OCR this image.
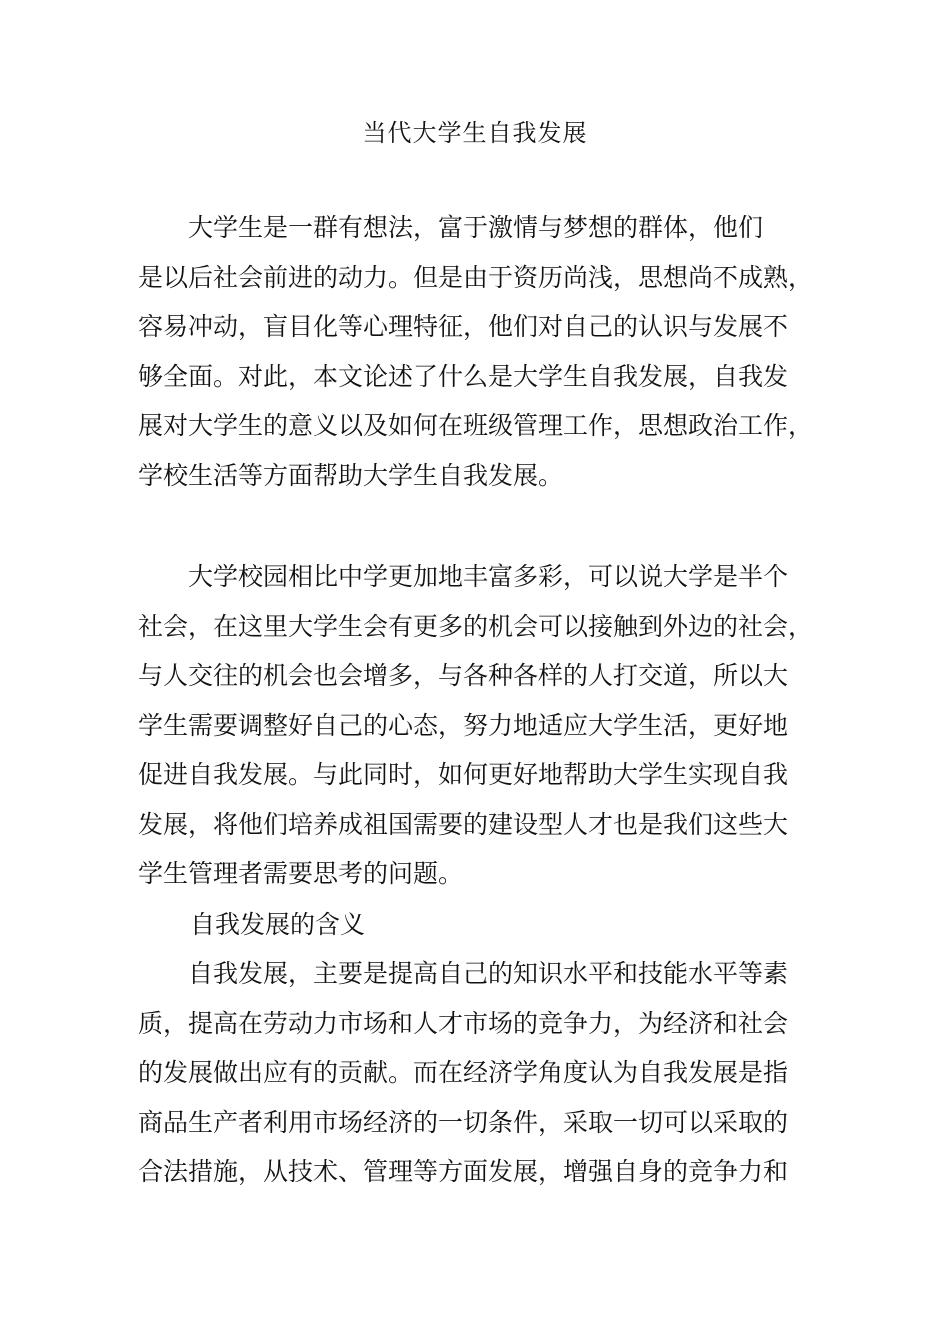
当代大学生自我发展

　　大学生是一群有想法，富于激情与梦想的群体，他们
是以后社会前进的动力。但是由于资历尚浅，思想尚不成熟，
容易冲动，盲目化等心理特征，他们对自己的认识与发展不
够全面。对此，本文论述了什么是大学生自我发展，自我发
展对大学生的意义以及如何在班级管理工作，思想政治工作，
学校生活等方面帮助大学生自我发展。

　　大学校园相比中学更加地丰富多彩，可以说大学是半个
社会，在这里大学生会有更多的机会可以接触到外边的社会，
与人交往的机会也会增多，与各种各样的人打交道，所以大
学生需要调整好自己的心态，努力地适应大学生活，更好地
促进自我发展。与此同时，如何更好地帮助大学生实现自我
发展，将他们培养成祖国需要的建设型人才也是我们这些大
学生管理者需要思考的问题。

自我发展的含义

　　自我发展，主要是提高自己的知识水平和技能水平等素
质，提高在劳动力市场和人才市场的竞争力，为经济和社会
的发展做出应有的贡献。而在经济学角度认为自我发展是指
商品生产者利用市场经济的一切条件，采取一切可以采取的
合法措施，从技术、管理等方面发展，增强自身的竞争力和
